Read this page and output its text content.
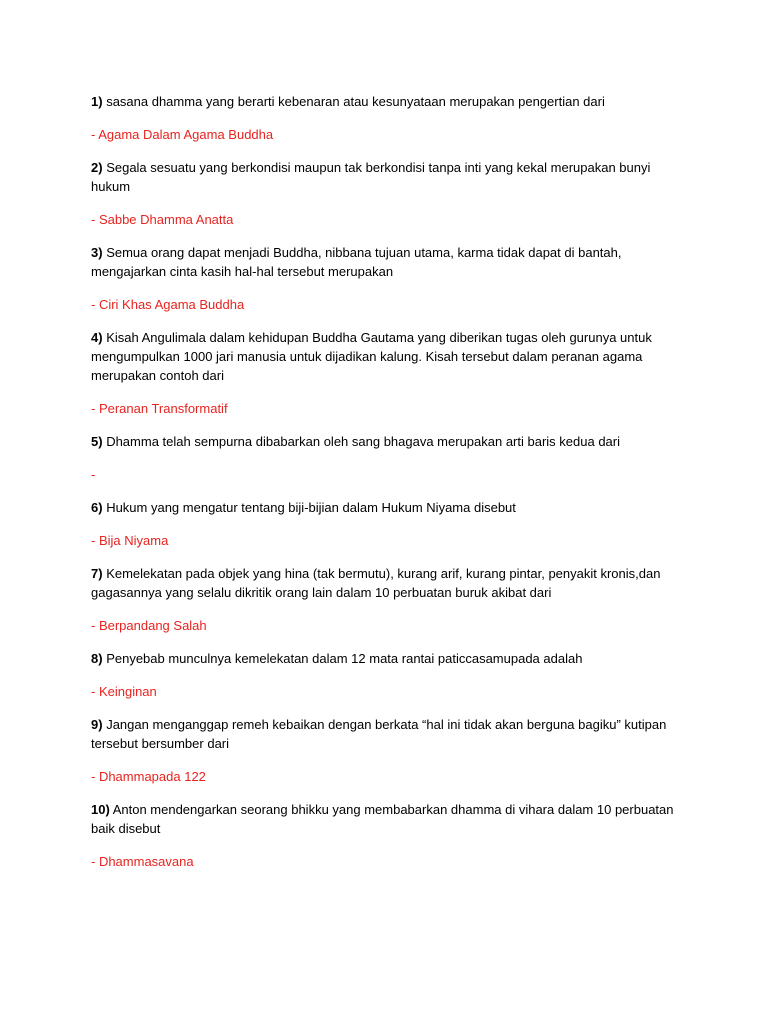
1) sasana dhamma yang berarti kebenaran atau kesunyataan merupakan pengertian dari

- Agama Dalam Agama Buddha

2) Segala sesuatu yang berkondisi maupun tak berkondisi tanpa inti yang kekal merupakan bunyi hukum

- Sabbe Dhamma Anatta

3) Semua orang dapat menjadi Buddha, nibbana tujuan utama, karma tidak dapat di bantah, mengajarkan cinta kasih hal-hal tersebut merupakan

- Ciri Khas Agama Buddha

4) Kisah Angulimala dalam kehidupan Buddha Gautama yang diberikan tugas oleh gurunya untuk mengumpulkan 1000 jari manusia untuk dijadikan kalung. Kisah tersebut dalam peranan agama merupakan contoh dari

- Peranan Transformatif

5) Dhamma telah sempurna dibabarkan oleh sang bhagava merupakan arti baris kedua dari

-

6) Hukum yang mengatur tentang biji-bijian dalam Hukum Niyama disebut

- Bija Niyama

7) Kemelekatan pada objek yang hina (tak bermutu), kurang arif, kurang pintar, penyakit kronis,dan gagasannya yang selalu dikritik orang lain dalam 10 perbuatan buruk akibat dari

- Berpandang Salah

8) Penyebab munculnya kemelekatan dalam 12 mata rantai paticcasamupada adalah

- Keinginan

9) Jangan menganggap remeh kebaikan dengan berkata “hal ini tidak akan berguna bagiku” kutipan tersebut bersumber dari

- Dhammapada 122

10) Anton mendengarkan seorang bhikku yang membabarkan dhamma di vihara dalam 10 perbuatan baik disebut

- Dhammasavana
